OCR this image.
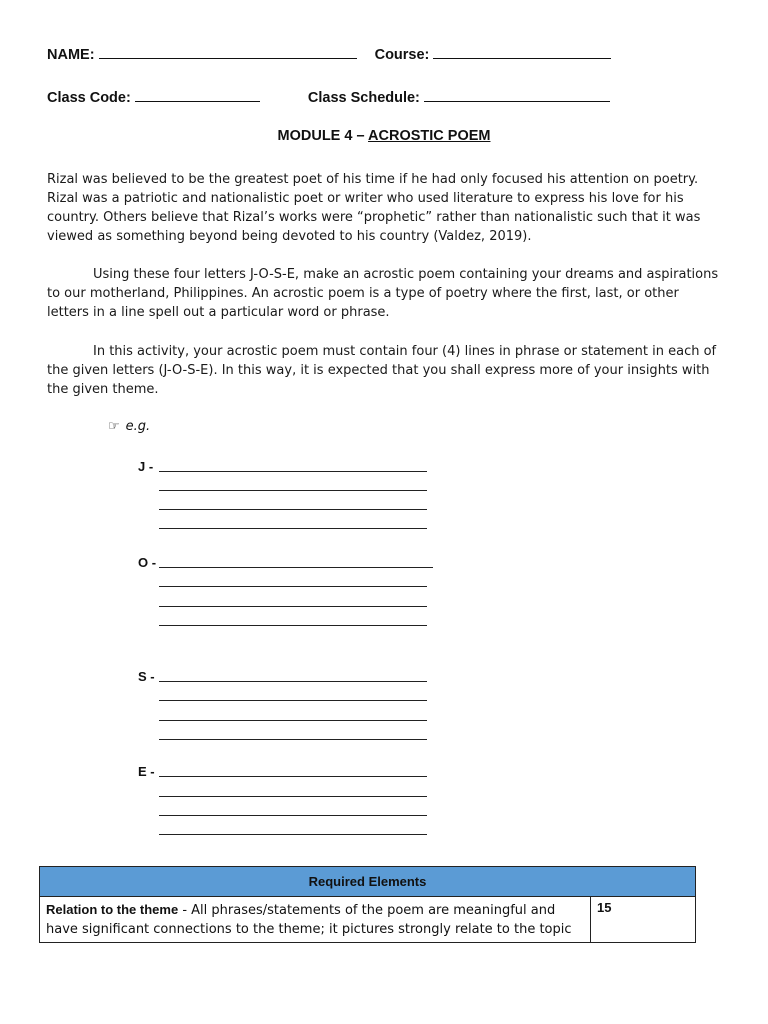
NAME:	Course:
Class Code:	Class Schedule:
MODULE 4 – ACROSTIC POEM
Rizal was believed to be the greatest poet of his time if he had only focused his attention on poetry. Rizal was a patriotic and nationalistic poet or writer who used literature to express his love for his country. Others believe that Rizal’s works were “prophetic” rather than nationalistic such that it was viewed as something beyond being devoted to his country (Valdez, 2019).
Using these four letters J-O-S-E, make an acrostic poem containing your dreams and aspirations to our motherland, Philippines. An acrostic poem is a type of poetry where the first, last, or other letters in a line spell out a particular word or phrase.
In this activity, your acrostic poem must contain four (4) lines in phrase or statement in each of the given letters (J-O-S-E). In this way, it is expected that you shall express more of your insights with the given theme.
☞ e.g.
J -
O -
S -
E -
Required Elements
Relation to the theme - All phrases/statements of the poem are meaningful and have significant connections to the theme; it pictures strongly relate to the topic	15
